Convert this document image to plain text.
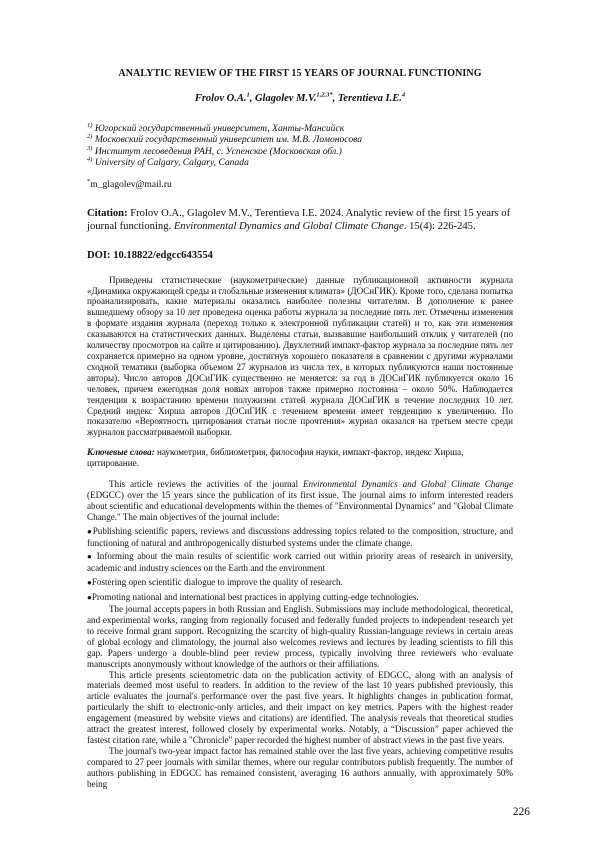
ANALYTIC REVIEW OF THE FIRST 15 YEARS OF JOURNAL FUNCTIONING
Frolov O.A.$^1$, Glagolev M.V.$^{1,2,3*}$, Terentieva I.E.$^4$
$^{1)}$ Югорский государственный университет, Ханты-Мансийск
$^{2)}$ Московский государственный университет им. М.В. Ломоносова
$^{3)}$ Институт лесоведения РАН, с. Успенское (Московская обл.)
$^{4)}$ University of Calgary, Calgary, Canada
*m_glagolev@mail.ru
Citation: Frolov O.A., Glagolev M.V., Terentieva I.E. 2024. Analytic review of the first 15 years of journal functioning. Environmental Dynamics and Global Climate Change. 15(4): 226-245.
DOI: 10.18822/edgcc643554
Приведены статистические (наукометрические) данные публикационной активности журнала «Динамика окружающей среды и глобальные изменения климата» (ДОСиГИК). Кроме того, сделана попытка проанализировать, какие материалы оказались наиболее полезны читателям. В дополнение к ранее вышедшему обзору за 10 лет проведена оценка работы журнала за последние пять лет. Отмечены изменения в формате издания журнала (переход только к электронной публикации статей) и то, как эти изменения сказываются на статистических данных. Выделены статьи, вызвавшие наибольший отклик у читателей (по количеству просмотров на сайте и цитированию). Двухлетний импакт-фактор журнала за последние пять лет сохраняется примерно на одном уровне, достигнув хорошего показателя в сравнении с другими журналами сходной тематики (выборка объемом 27 журналов из числа тех, в которых публикуются наши постоянные авторы). Число авторов ДОСиГИК существенно не меняется: за год в ДОСиГИК публикуется около 16 человек, причем ежегодная доля новых авторов также примерно постоянна – около 50%. Наблюдается тенденция к возрастанию времени полужизни статей журнала ДОСиГИК в течение последних 10 лет. Средний индекс Хирша авторов ДОСиГИК с течением времени имеет тенденцию к увеличению. По показателю «Вероятность цитирования статьи после прочтения» журнал оказался на третьем месте среди журналов рассматриваемой выборки.
Ключевые слова: наукометрия, библиометрия, философия науки, импакт-фактор, индекс Хирша, цитирование.

This article reviews the activities of the journal Environmental Dynamics and Global Climate Change (EDGCC) over the 15 years since the publication of its first issue. The journal aims to inform interested readers about scientific and educational developments within the themes of "Environmental Dynamics" and "Global Climate Change." The main objectives of the journal include:

●Publishing scientific papers, reviews and discussions addressing topics related to the composition, structure, and functioning of natural and anthropogenically disturbed systems under the climate change.
● Informing about the main results of scientific work carried out within priority areas of research in university, academic and industry sciences on the Earth and the environment
●Fostering open scientific dialogue to improve the quality of research.
●Promoting national and international best practices in applying cutting-edge technologies.

The journal accepts papers in both Russian and English. Submissions may include methodological, theoretical, and experimental works, ranging from regionally focused and federally funded projects to independent research yet to receive formal grant support. Recognizing the scarcity of high-quality Russian-language reviews in certain areas of global ecology and climatology, the journal also welcomes reviews and lectures by leading scientists to fill this gap. Papers undergo a double-blind peer review process, typically involving three reviewers who evaluate manuscripts anonymously without knowledge of the authors or their affiliations.

This article presents scientometric data on the publication activity of EDGCC, along with an analysis of materials deemed most useful to readers. In addition to the review of the last 10 years published previously, this article evaluates the journal's performance over the past five years. It highlights changes in publication format, particularly the shift to electronic-only articles, and their impact on key metrics. Papers with the highest reader engagement (measured by website views and citations) are identified. The analysis reveals that theoretical studies attract the greatest interest, followed closely by experimental works. Notably, a “Discussion” paper achieved the fastest citation rate, while a "Chronicle" paper recorded the highest number of abstract views in the past five years.

The journal's two-year impact factor has remained stable over the last five years, achieving competitive results compared to 27 peer journals with similar themes, where our regular contributors publish frequently. The number of authors publishing in EDGCC has remained consistent, averaging 16 authors annually, with approximately 50% being

226
